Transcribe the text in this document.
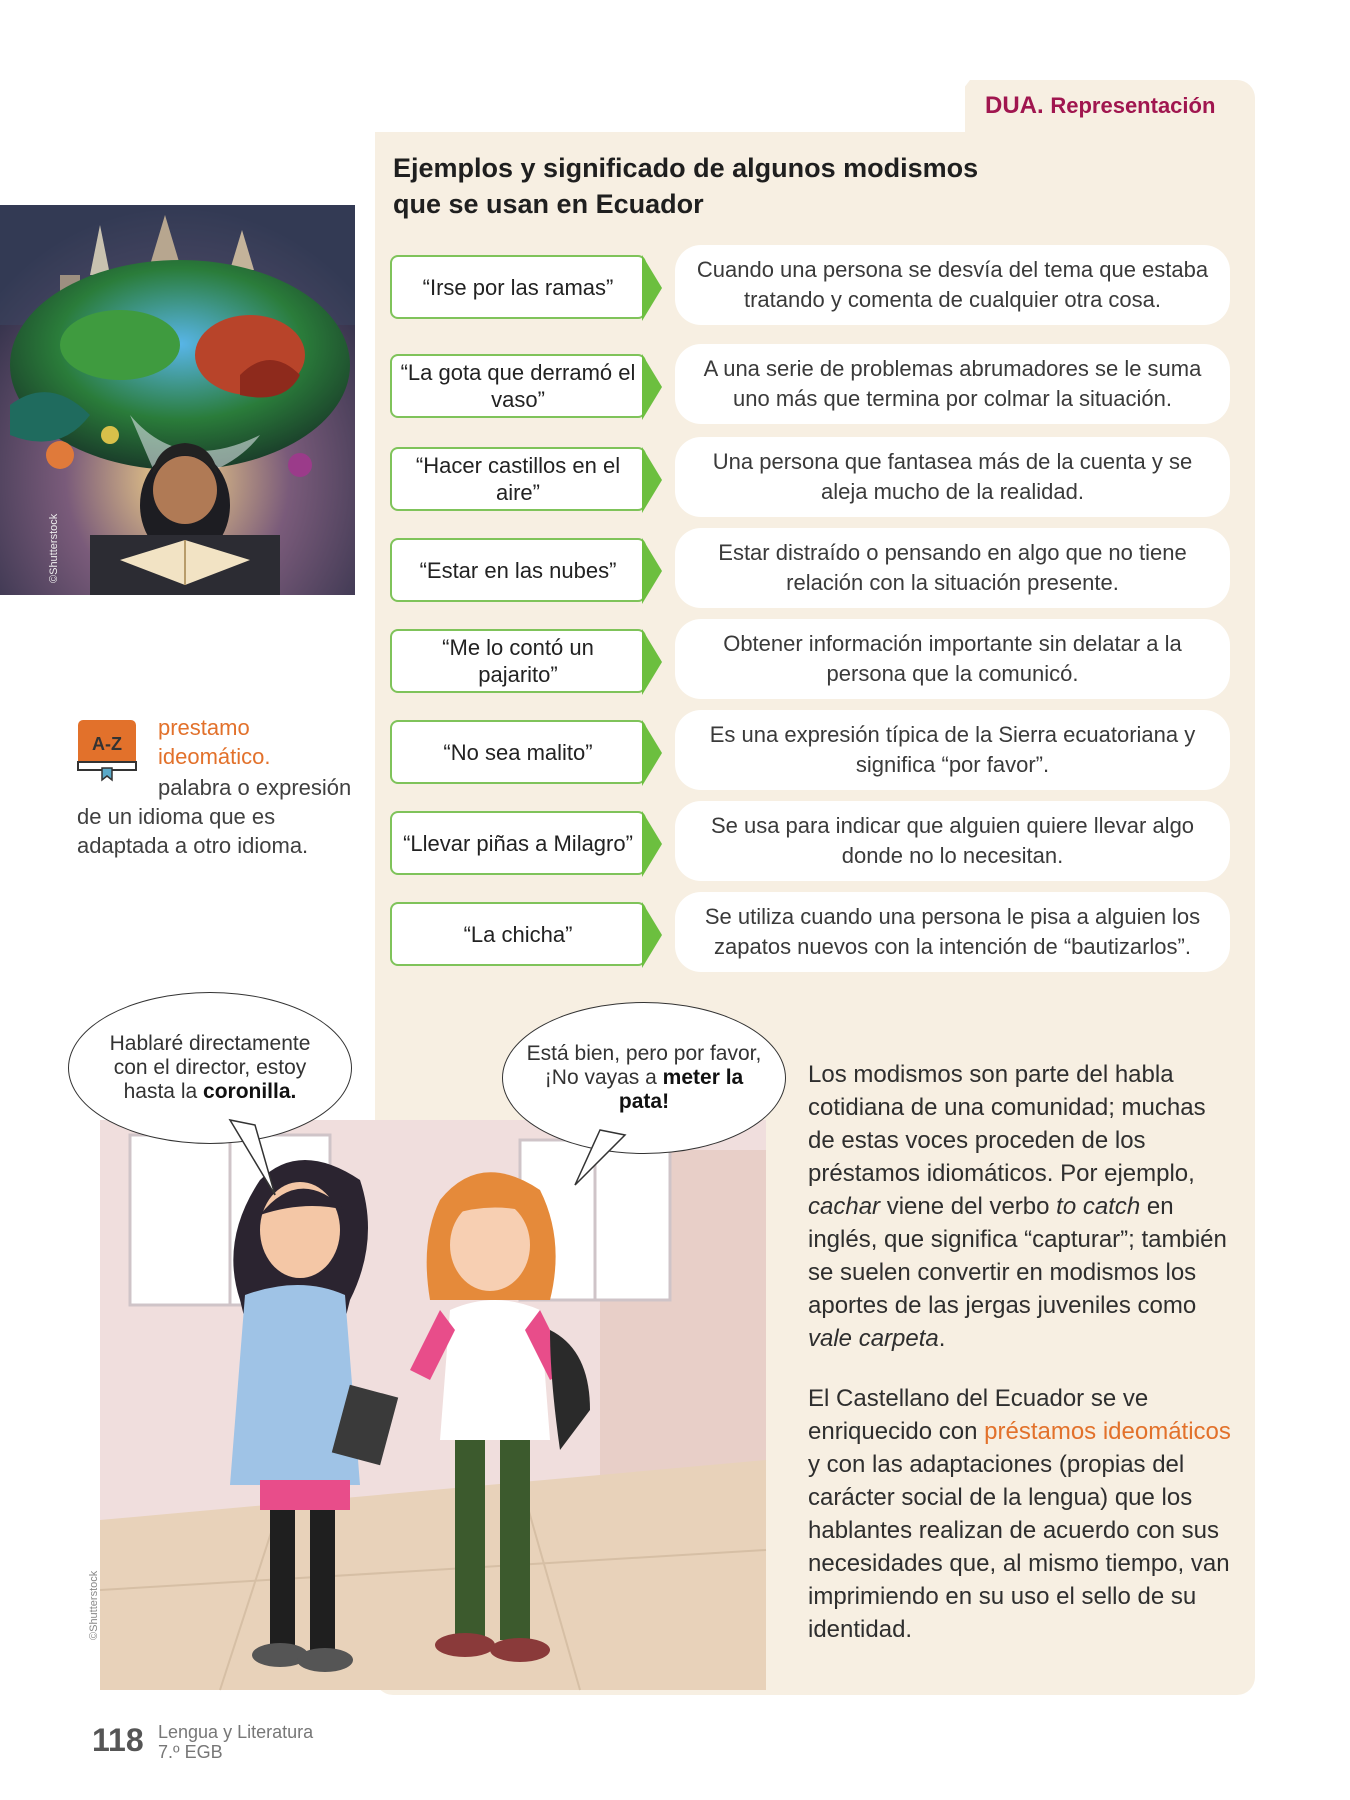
DUA. Representación
Ejemplos y significado de algunos modismos
que se usan en Ecuador
©Shutterstock
“Irse por las ramas”
Cuando una persona se desvía del tema que estaba tratando y comenta de cualquier otra cosa.
“La gota que derramó el vaso”
A una serie de problemas abrumadores se le suma uno más que termina por colmar la situación.
“Hacer castillos en el aire”
Una persona que fantasea más de la cuenta y se aleja mucho de la realidad.
“Estar en las nubes”
Estar distraído o pensando en algo que no tiene relación con la situación presente.
“Me lo contó un pajarito”
Obtener información importante sin delatar a la persona que la comunicó.
“No sea malito”
Es una expresión típica de la Sierra ecuatoriana y significa “por favor”.
“Llevar piñas a Milagro”
Se usa para indicar que alguien quiere llevar algo donde no lo necesitan.
“La chicha”
Se utiliza cuando una persona le pisa a alguien los zapatos nuevos con la intención de “bautizarlos”.
A-Z
prestamo
ideomático.
palabra o expresión
de un idioma que es adaptada a otro idioma.
©Shutterstock
Hablaré directamente con el director, estoy hasta la coronilla.
Está bien, pero por favor, ¡No vayas a meter la pata!
Los modismos son parte del habla cotidiana de una comunidad; muchas de estas voces proceden de los préstamos idiomáticos. Por ejemplo, cachar viene del verbo to catch en inglés, que significa “capturar”; también se suelen convertir en modismos los aportes de las jergas juveniles como vale carpeta.
El Castellano del Ecuador se ve enriquecido con préstamos ideomáticos y con las adaptaciones (propias del carácter social de la lengua) que los hablantes realizan de acuerdo con sus necesidades que, al mismo tiempo, van imprimiendo en su uso el sello de su identidad.
118 Lengua y Literatura
7.º EGB
